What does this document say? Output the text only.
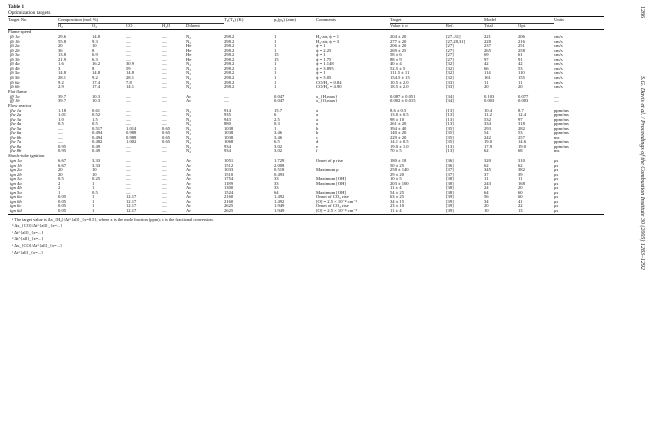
Table 1
Optimization targets
Target No.	Composition (mol %)					T₅(T₀) (K)	p₅(p₀) (atm)	Comments	Target		Model		Units
	H₂	O₂	CO	H₂O	Diluent				Value ± σ	Ref.	Trial	Opt.	
Flame speed													
flt 1a	29.6	14.8	—	—	N₂	298.2	1	H₂-air, ϕ = 1	204 ± 20	[27–31]	221	206	cm/s
flt 1b	55.8	9.3	—	—	N₂	298.2	1	H₂-air, ϕ = 3	277 ± 20	[27,28,31]	228	216	cm/s
flt 2a	20	10	—	—	He	298.2	1	ϕ = 1	206 ± 20	[27]	237	251	cm/s
flt 2b	36	8	—	—	He	298.2	1	ϕ = 2.25	269 ± 25	[27]	265	258	cm/s
flt 3a	13.8	6.9	—	—	He	298.2	15	ϕ = 1	58 ± 6	[27]	69	61	cm/s
flt 3b	21.9	6.3	—	—	He	298.2	15	ϕ = 1.75	88 ± 9	[27]	97	91	cm/s
flt 4a	1.6	16.2	30.9	—	N₂	298.2	1	ϕ = 1.148	40 ± 4	[32]	42	42	cm/s
flt 4b	3	8	59	—	N₂	298.2	1	ϕ = 3.895	52.5 ± 5	[32]	66	53	cm/s
flt 5a	14.8	14.8	14.8	—	N₂	298.2	1	ϕ = 1	111.5 ± 11	[32]	114	110	cm/s
flt 5b	28.1	9.2	28.1	—	N₂	298.2	1	ϕ = 3.05	154.5 ± 15	[32]	161	155	cm/s
flt 6a	9.2	17.4	7.8	—	N₂	298.2	1	CO/H₂ = 0.84	10.5 ± 2.0	[33]	11	11	cm/s
flt 6b	2.9	17.4	14.1	—	N₂	298.2	1	CO/H₂ = 4.90	18.5 ± 2.0	[33]	20	20	cm/s
Flat flame													
fff 1a	39.7	10.3	—	—	Ar	—	0.047	x_{H,max}	0.087 ± 0.051	[34]	0.103	0.077	—
fff 1b	39.7	10.3	—	—	Ar	—	0.047	x_{O,max}	0.002 ± 0.015	[34]	0.003	0.003	—
Flow reactor													
flw 1a	1.18	0.61	—	—	N₂	914	15.7	a	8.6 ± 0.5	[13]	10.4	8.7	ppm/ms
flw 2a	1.01	0.52	—	—	N₂	935	6	a	13.0 ± 0.5	[13]	11.2	12.4	ppm/ms
flw 3a	1.0	1.5	—	—	N₂	943	2.5	a	98 ± 10	[13]	532	97	ppm/ms
flw 4a	0.5	0.5	—	—	N₂	880	0.3	a	261 ± 20	[13]	334	318	ppm/ms
flw 5a	—	0.517	1.014	0.65	N₂	1038	1	b	394 ± 40	[35]	293	282	ppm/ms
flw 6a	—	0.494	0.988	0.65	N₂	1038	3.46	b	140 ± 20	[35]	54	53	ppm/ms
flw 6b	—	0.494	0.988	0.65	N₂	1038	3.46	c	229 ± 20	[35]	242	257	ms
flw 7a	—	0.482	1.002	0.65	N₂	1068	6.5	d	14.1 ± 0.5	[35]	19.0	14.6	ppm/ms
flw 8a	0.95	0.49	—	—	N₂	934	3.02	e	19.0 ± 1.0	[13]	17.9	19.0	ppm/ms
flw 8b	0.95	0.49	—	—	N₂	934	3.02	f	70 ± 5	[13]	62	68	ms
Shock-tube ignition													
ign 1a	6.67	3.33	—	—	Ar	1051	1.729	Onset of p rise	180 ± 18	[36]	320	310	μs
ign 1b	6.67	3.33	—	—	Ar	1512	2.008		50 ± 25	[36]	62	62	μs
ign 2a	20	10	—	—	Ar	1033	0.518	Maximum p	258 ± 140	[37]	345	382	μs
ign 2b	20	10	—	—	Ar	1510	0.493		29 ± 20	[37]	37	39	μs
ign 3a	0.5	0.25	—	—	Ar	1754	33	Maximum [OH]	10 ± 5	[38]	11	11	μs
ign 4a	2	1	—	—	Ar	1189	33	Maximum [OH]	203 ± 100	[38]	243	168	μs
ign 4b	2	1	—	—	Ar	1300	33		11 ± 4	[38]	24	20	μs
ign 5a	1	0.5	—	—	Ar	1524	64	Maximum [OH]	54 ± 25	[38]	64	60	μs
ign 6a	0.05	1	12.17	—	Ar	2160	1.492	Onset of CO₂ rise	63 ± 25	[39]	56	60	μs
ign 6b	0.05	1	12.17	—	Ar	2160	1.492	[O] = 2.5 × 10⁻⁴ cm⁻³	34 ± 15	[39]	34	41	μs
ign 6c	0.05	1	12.17	—	Ar	2625	1.949	Onset of CO₂ rise	23 ± 10	[39]	20	22	μs
ign 6d	0.05	1	12.17	—	Ar	2625	1.949	[O] = 2.5 × 10⁻⁴ cm⁻³	11 ± 4	[39]	10	13	μs
ᵃ The target value is Δx_{H₂}/Δt^{all}_{x=0.5}, where x is the mole fraction (ppm); c is the fractional conversion.
ᵇ Δx_{CO}/Δt^{all}_{x=...}
ᶜ Δt^{all}_{x=...}
ᵈ Δt^{all}_{x=...}
ᵉ Δx_{CO}/Δt^{all}_{x=...}
ᶠ Δt^{all}_{x=...}
1286
S.G. Davis et al. / Proceedings of the Combustion Institute 30 (2005) 1283–1292
